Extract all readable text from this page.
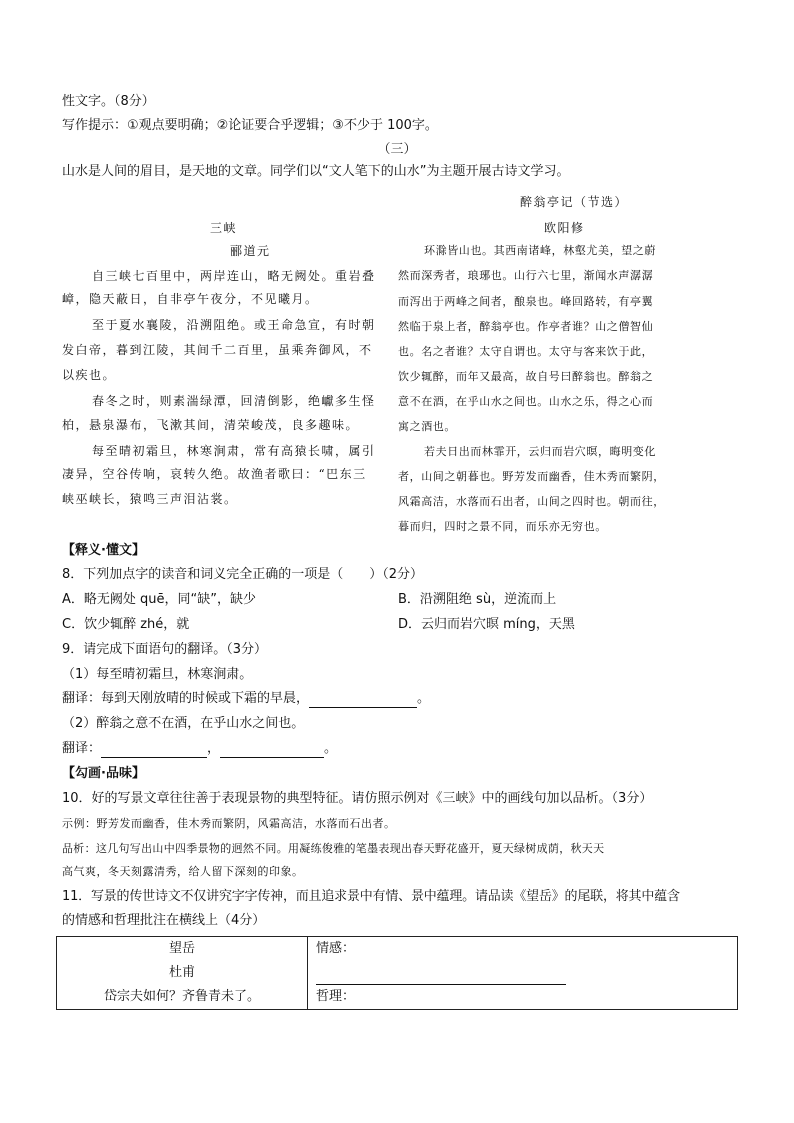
性文字。（8分）
写作提示：①观点要明确；②论证要合乎逻辑；③不少于 100字。
（三）
山水是人间的眉目，是天地的文章。同学们以“文人笔下的山水”为主题开展古诗文学习。
三峡
郦道元
自三峡七百里中，两岸连山，略无阙处。重岩叠
嶂，隐天蔽日，自非亭午夜分，不见曦月。
至于夏水襄陵，沿溯阻绝。或王命急宣，有时朝
发白帝，暮到江陵，其间千二百里，虽乘奔御风，不
以疾也。
春冬之时，则素湍绿潭，回清倒影，绝巘多生怪
柏，悬泉瀑布，飞漱其间，清荣峻茂，良多趣味。
每至晴初霜旦，林寒涧肃，常有高猿长啸，属引
凄异，空谷传响，哀转久绝。故渔者歌曰：“巴东三
峡巫峡长，猿鸣三声泪沾裳。
醉翁亭记（节选）
欧阳修
环滁皆山也。其西南诸峰，林壑尤美，望之蔚
然而深秀者，琅琊也。山行六七里，渐闻水声潺潺
而泻出于两峰之间者，酿泉也。峰回路转，有亭翼
然临于泉上者，醉翁亭也。作亭者谁？山之僧智仙
也。名之者谁？太守自谓也。太守与客来饮于此，
饮少辄醉，而年又最高，故自号曰醉翁也。醉翁之
意不在酒，在乎山水之间也。山水之乐，得之心而
寓之酒也。
若夫日出而林霏开，云归而岩穴暝，晦明变化
者，山间之朝暮也。野芳发而幽香，佳木秀而繁阴，
风霜高洁，水落而石出者，山间之四时也。朝而往，
暮而归，四时之景不同，而乐亦无穷也。
【释义·懂文】
8．下列加点字的读音和词义完全正确的一项是（　　）（2分）
A．略无阙处 quē，同“缺”，缺少	B．沿溯阻绝 sù，逆流而上
C．饮少辄醉 zhé，就	D．云归而岩穴暝 míng，天黑
9．请完成下面语句的翻译。（3分）
（1）每至晴初霜旦，林寒涧肃。
翻译：每到天刚放晴的时候或下霜的早晨，	。
（2）醉翁之意不在酒，在乎山水之间也。
翻译：	，	。
【勾画·品味】
10．好的写景文章往往善于表现景物的典型特征。请仿照示例对《三峡》中的画线句加以品析。（3分）
示例：野芳发而幽香，佳木秀而繁阴，风霜高洁，水落而石出者。
品析：这几句写出山中四季景物的迥然不同。用凝练俊雅的笔墨表现出春天野花盛开，夏天绿树成荫，秋天天
高气爽，冬天刻露清秀，给人留下深刻的印象。
11．写景的传世诗文不仅讲究字字传神，而且追求景中有情、景中蕴理。请品读《望岳》的尾联，将其中蕴含
的情感和哲理批注在横线上（4分）
望岳
杜甫
岱宗夫如何？齐鲁青未了。

情感：
哲理：
